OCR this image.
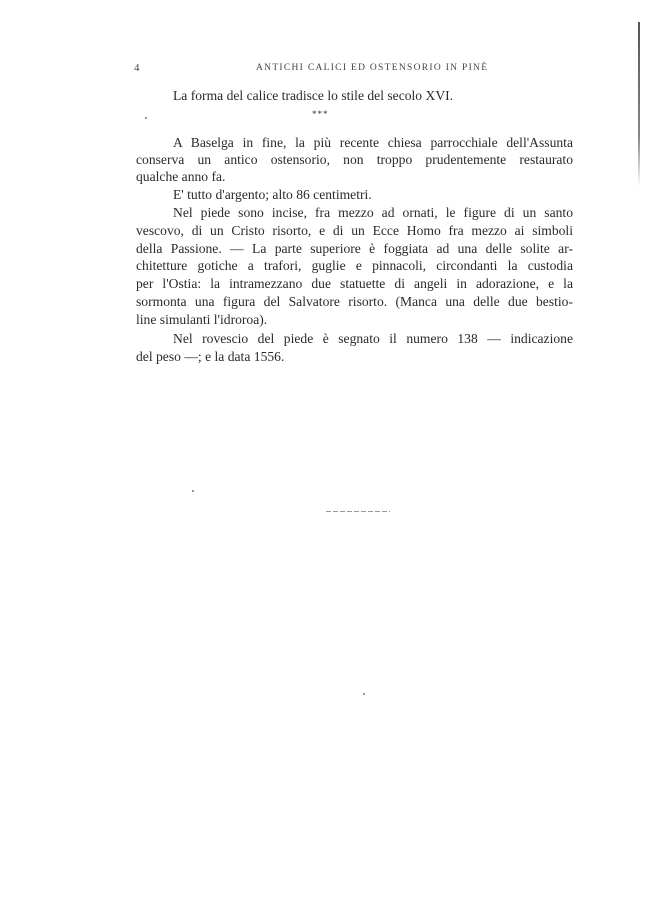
4	ANTICHI CALICI ED OSTENSORIO IN PINÈ
La forma del calice tradisce lo stile del secolo XVI.
***
A Baselga in fine, la più recente chiesa parrocchiale dell'Assunta
conserva un antico ostensorio, non troppo prudentemente restaurato
qualche anno fa.
E' tutto d'argento; alto 86 centimetri.
Nel piede sono incise, fra mezzo ad ornati, le figure di un santo
vescovo, di un Cristo risorto, e di un Ecce Homo fra mezzo ai simboli
della Passione. — La parte superiore è foggiata ad una delle solite ar-
chitetture gotiche a trafori, guglie e pinnacoli, circondanti la custodia
per l'Ostia: la intramezzano due statuette di angeli in adorazione, e la
sormonta una figura del Salvatore risorto. (Manca una delle due bestio-
line simulanti l'idroroa).
Nel rovescio del piede è segnato il numero 138 — indicazione
del peso —; e la data 1556.
